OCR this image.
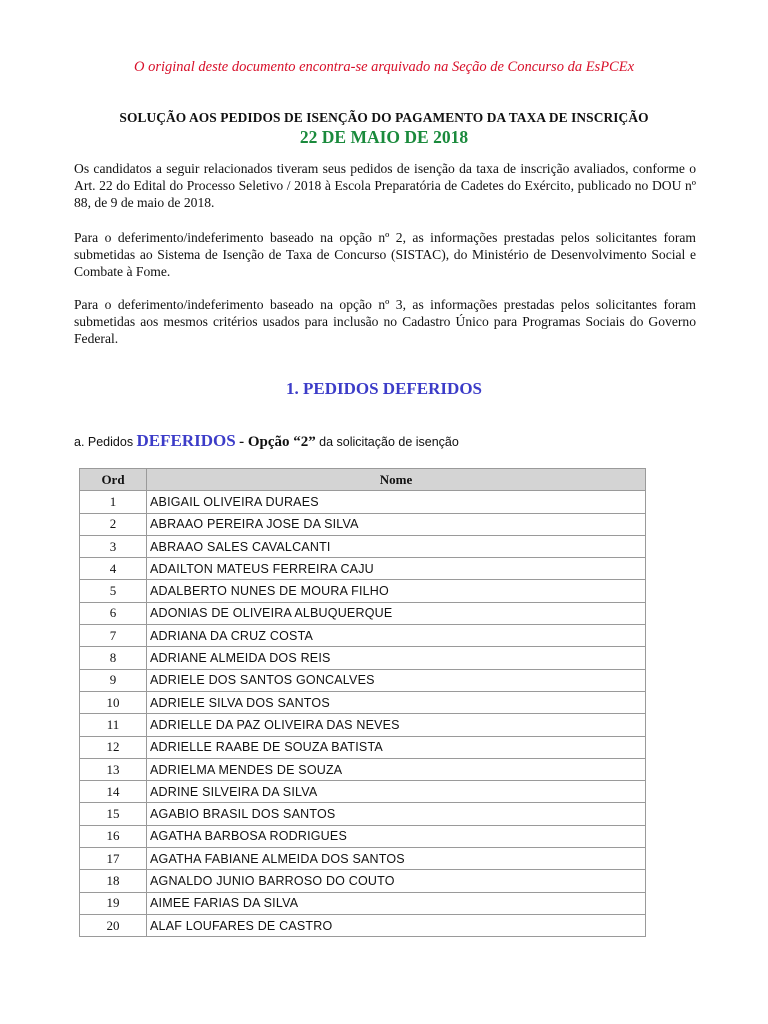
O original deste documento encontra-se arquivado na Seção de Concurso da EsPCEx
SOLUÇÃO AOS PEDIDOS DE ISENÇÃO DO PAGAMENTO DA TAXA DE INSCRIÇÃO
22 DE MAIO DE 2018
Os candidatos a seguir relacionados tiveram seus pedidos de isenção da taxa de inscrição avaliados, conforme o Art. 22 do Edital do Processo Seletivo / 2018 à Escola Preparatória de Cadetes do Exército, publicado no DOU nº 88, de 9 de maio de 2018.
Para o deferimento/indeferimento baseado na opção nº 2, as informações prestadas pelos solicitantes foram submetidas ao Sistema de Isenção de Taxa de Concurso (SISTAC), do Ministério de Desenvolvimento Social e Combate à Fome.
Para o deferimento/indeferimento baseado na opção nº 3, as informações prestadas pelos solicitantes foram submetidas aos mesmos critérios usados para inclusão no Cadastro Único para Programas Sociais do Governo Federal.
1. PEDIDOS DEFERIDOS
a. Pedidos DEFERIDOS - Opção “2” da solicitação de isenção
Ord	Nome
1	ABIGAIL OLIVEIRA DURAES
2	ABRAAO PEREIRA JOSE DA SILVA
3	ABRAAO SALES CAVALCANTI
4	ADAILTON MATEUS FERREIRA CAJU
5	ADALBERTO NUNES DE MOURA FILHO
6	ADONIAS DE OLIVEIRA ALBUQUERQUE
7	ADRIANA DA CRUZ COSTA
8	ADRIANE ALMEIDA DOS REIS
9	ADRIELE DOS SANTOS GONCALVES
10	ADRIELE SILVA DOS SANTOS
11	ADRIELLE DA PAZ OLIVEIRA DAS NEVES
12	ADRIELLE RAABE DE SOUZA BATISTA
13	ADRIELMA MENDES DE SOUZA
14	ADRINE SILVEIRA DA SILVA
15	AGABIO BRASIL DOS SANTOS
16	AGATHA BARBOSA RODRIGUES
17	AGATHA FABIANE ALMEIDA DOS SANTOS
18	AGNALDO JUNIO BARROSO DO COUTO
19	AIMEE FARIAS DA SILVA
20	ALAF LOUFARES DE CASTRO
